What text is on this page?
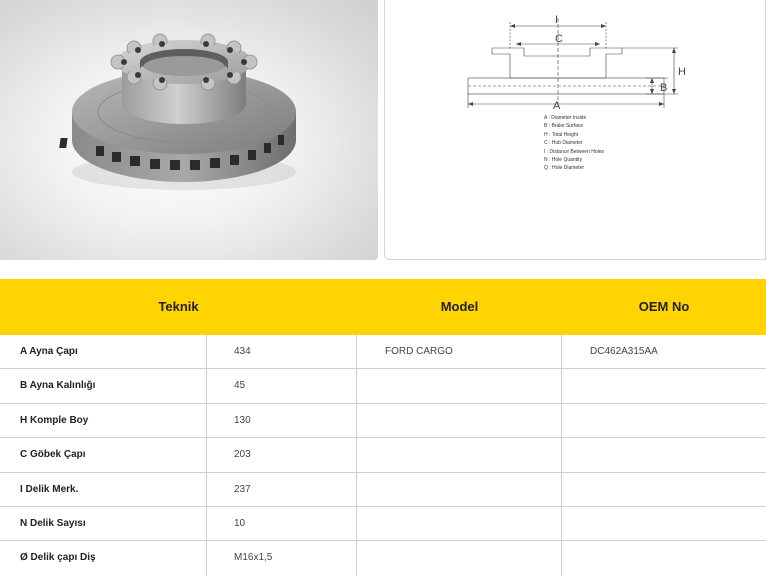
I
C
H
B
A
A : Diameter Inside
B : Brake Surface
H : Total Height
C : Hub Diameter
I : Distance Between Holes
N : Hole Quantity
Q : Hole Diameter
Teknik	Model	OEM No
A Ayna Çapı	434	FORD CARGO	DC462A315AA
B Ayna Kalınlığı	45
H Komple Boy	130
C Göbek Çapı	203
I Delik Merk.	237
N Delik Sayısı	10
Ø Delik çapı Diş	M16x1,5
